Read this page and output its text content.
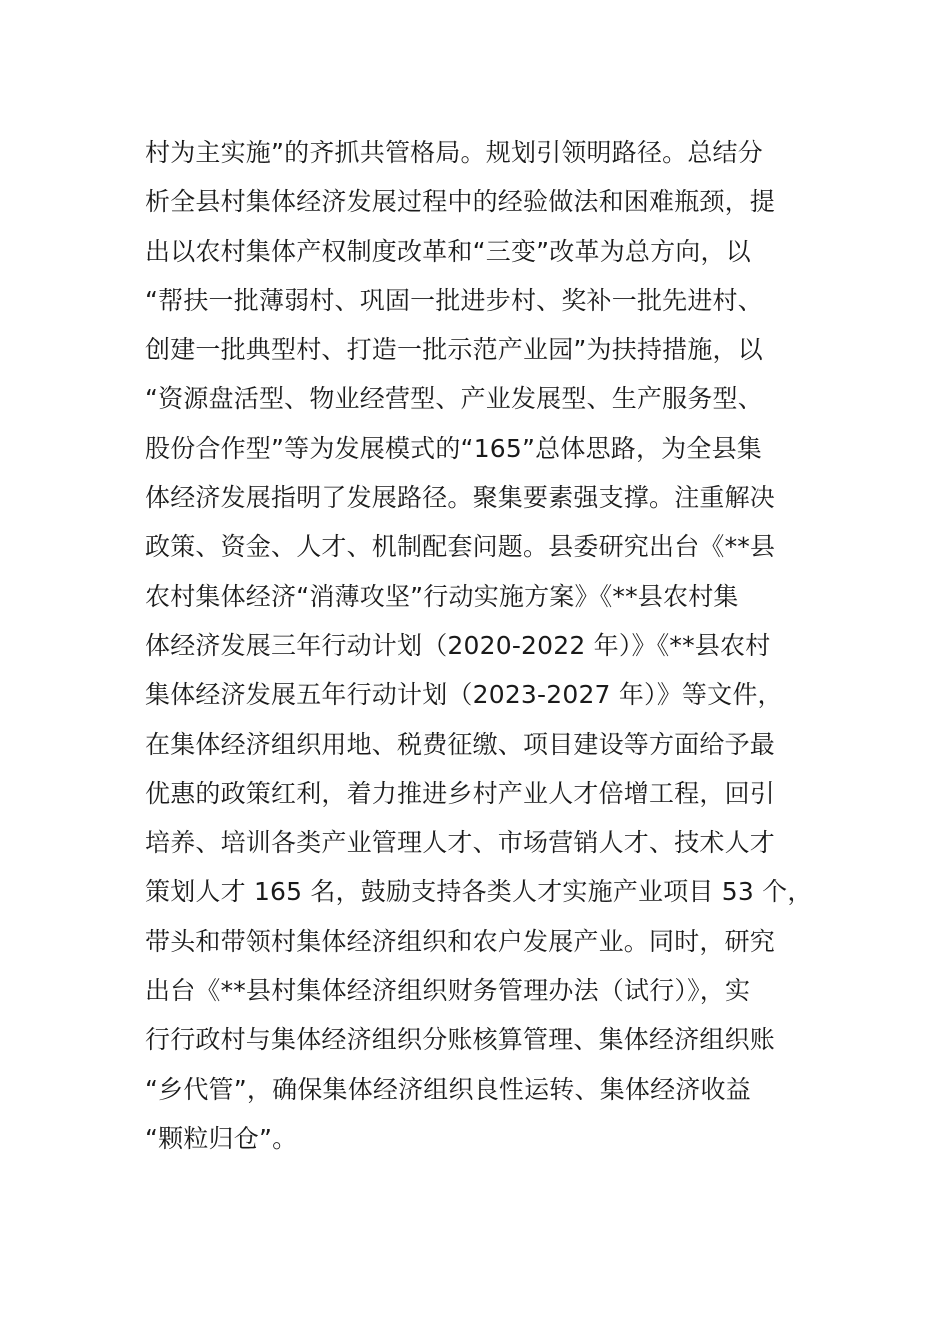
村为主实施”的齐抓共管格局。规划引领明路径。总结分
析全县村集体经济发展过程中的经验做法和困难瓶颈，提
出以农村集体产权制度改革和“三变”改革为总方向，以
“帮扶一批薄弱村、巩固一批进步村、奖补一批先进村、
创建一批典型村、打造一批示范产业园”为扶持措施，以
“资源盘活型、物业经营型、产业发展型、生产服务型、
股份合作型”等为发展模式的“165”总体思路，为全县集
体经济发展指明了发展路径。聚集要素强支撑。注重解决
政策、资金、人才、机制配套问题。县委研究出台《**县
农村集体经济“消薄攻坚”行动实施方案》《**县农村集
体经济发展三年行动计划（2020-2022 年）》《**县农村
集体经济发展五年行动计划（2023-2027 年）》等文件，
在集体经济组织用地、税费征缴、项目建设等方面给予最
优惠的政策红利，着力推进乡村产业人才倍增工程，回引
培养、培训各类产业管理人才、市场营销人才、技术人才
策划人才 165 名，鼓励支持各类人才实施产业项目 53 个，
带头和带领村集体经济组织和农户发展产业。同时，研究
出台《**县村集体经济组织财务管理办法（试行）》，实
行行政村与集体经济组织分账核算管理、集体经济组织账
“乡代管”，确保集体经济组织良性运转、集体经济收益
“颗粒归仓”。
